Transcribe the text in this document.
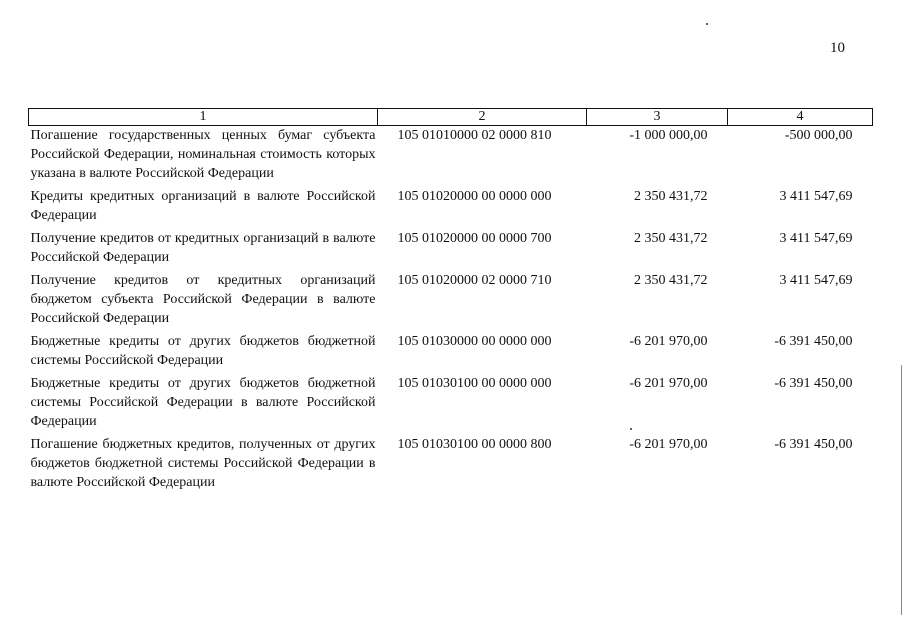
10
1	2	3	4
Погашение государственных ценных бумаг субъекта Российской Федерации, номинальная стоимость которых указана в валюте Российской Федерации	105 01010000 02 0000 810	-1 000 000,00	-500 000,00
Кредиты кредитных организаций в валюте Российской Федерации	105 01020000 00 0000 000	2 350 431,72	3 411 547,69
Получение кредитов от кредитных организаций в валюте Российской Федерации	105 01020000 00 0000 700	2 350 431,72	3 411 547,69
Получение кредитов от кредитных организаций бюджетом субъекта Российской Федерации в валюте Российской Федерации	105 01020000 02 0000 710	2 350 431,72	3 411 547,69
Бюджетные кредиты от других бюджетов бюджетной системы Российской Федерации	105 01030000 00 0000 000	-6 201 970,00	-6 391 450,00
Бюджетные кредиты от других бюджетов бюджетной системы Российской Федерации в валюте Российской Федерации	105 01030100 00 0000 000	-6 201 970,00	-6 391 450,00
Погашение бюджетных кредитов, полученных от других бюджетов бюджетной системы Российской Федерации в валюте Российской Федерации	105 01030100 00 0000 800	-6 201 970,00	-6 391 450,00
